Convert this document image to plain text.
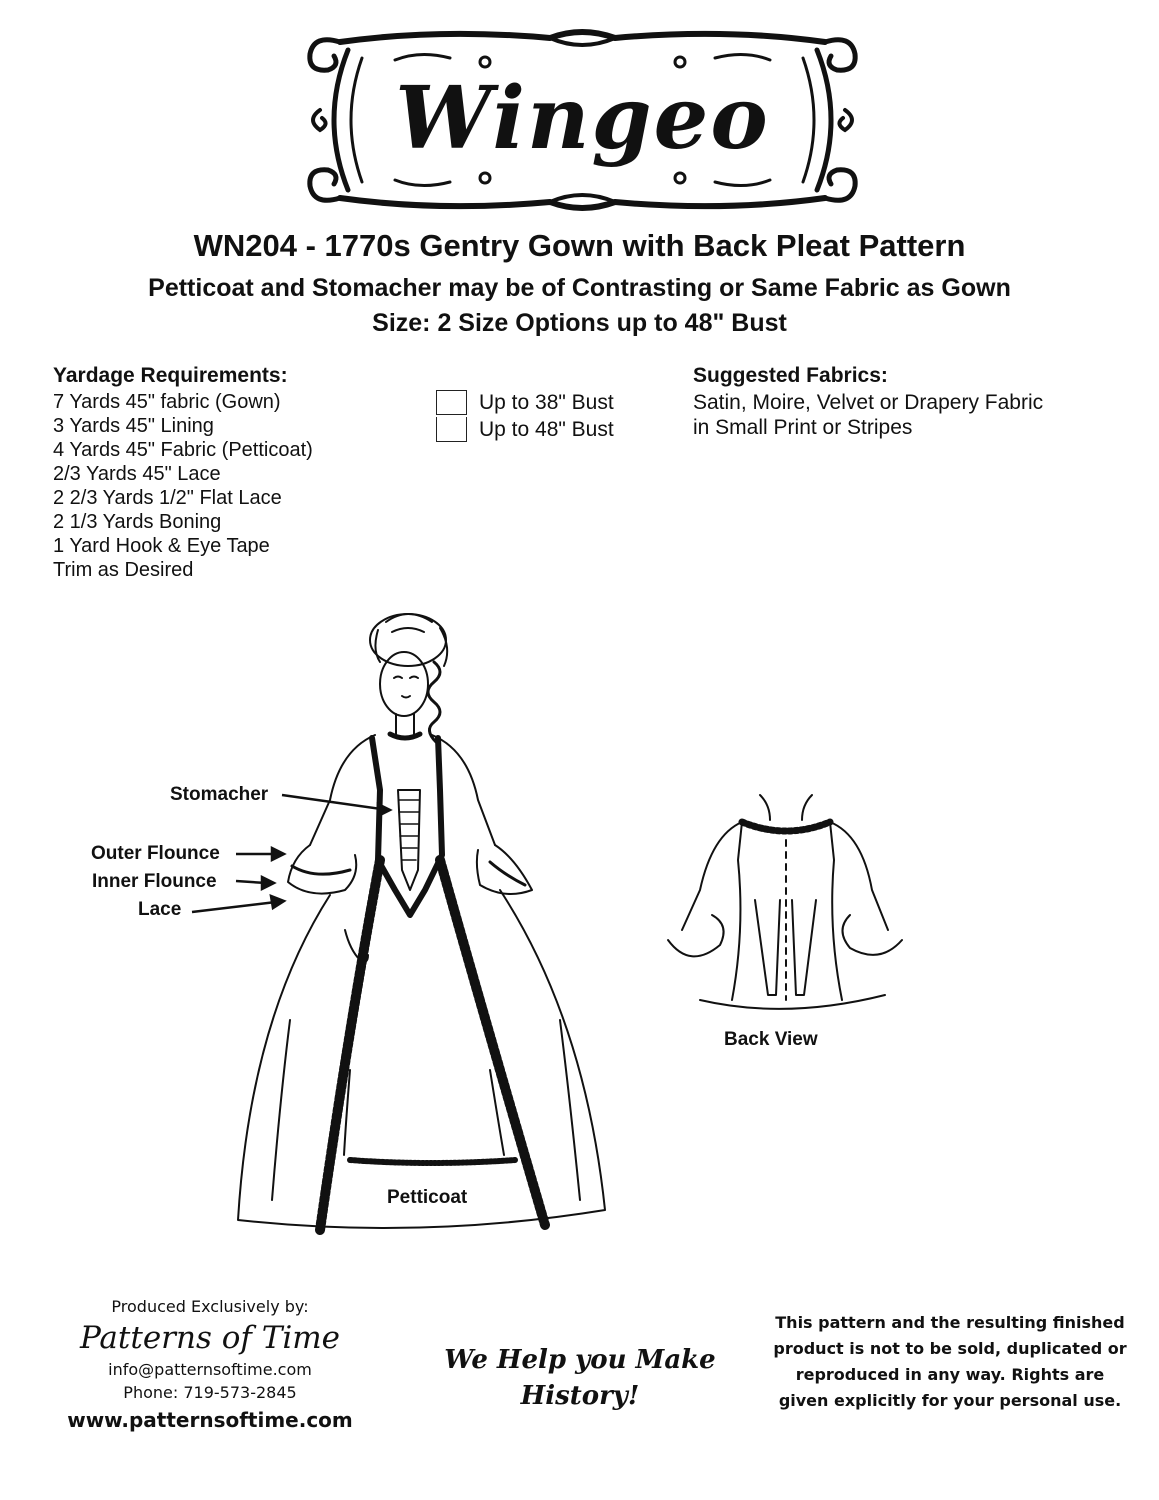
Wingeo
WN204 - 1770s Gentry Gown with Back Pleat Pattern
Petticoat and Stomacher may be of Contrasting or Same Fabric as Gown
Size: 2 Size Options up to 48" Bust
Yardage Requirements:
7 Yards 45" fabric (Gown)
3 Yards 45" Lining
4 Yards 45" Fabric (Petticoat)
2/3 Yards 45" Lace
2 2/3 Yards 1/2" Flat Lace
2 1/3 Yards Boning
1 Yard Hook & Eye Tape
Trim as Desired
Up to 38" Bust
Up to 48" Bust
Suggested Fabrics:

Satin, Moire, Velvet or Drapery Fabric

in Small Print or Stripes

Stomacher
Outer Flounce
Inner Flounce
Lace
Petticoat
Back View
Produced Exclusively by:
Patterns of Time
info@patternsoftime.com
Phone: 719-573-2845
www.patternsoftime.com
We Help you Make
History!
This pattern and the resulting finished product is not to be sold, duplicated or reproduced in any way. Rights are given explicitly for your personal use.
